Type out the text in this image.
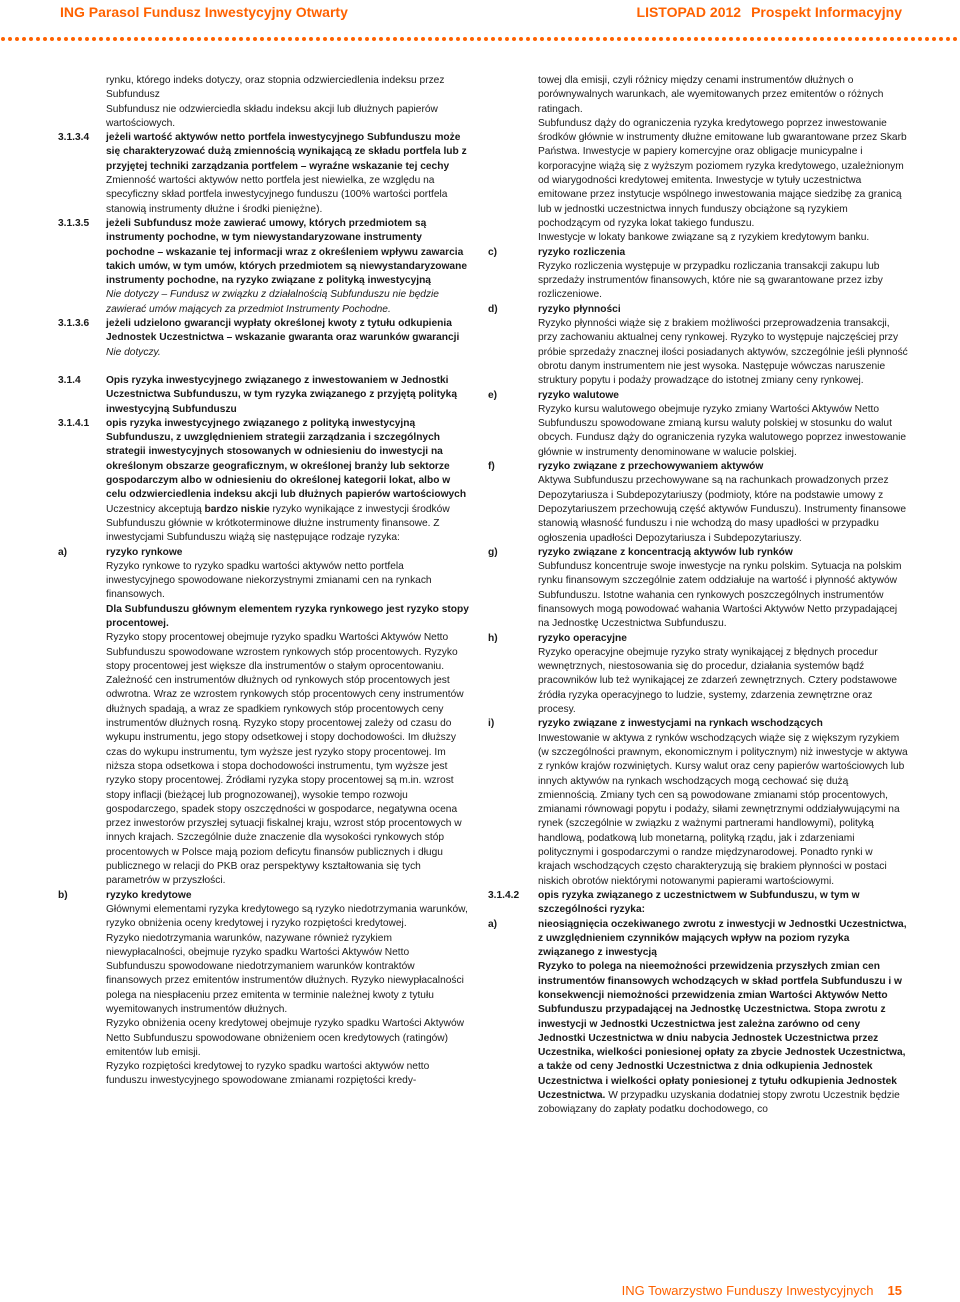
ING Parasol Fundusz Inwestycyjny Otwarty	LISTOPAD 2012 Prospekt Informacyjny

rynku, którego indeks dotyczy, oraz stopnia odzwierciedlenia indeksu przez Subfundusz

Subfundusz nie odzwierciedla składu indeksu akcji lub dłużnych papierów wartościowych.

3.1.3.4	jeżeli wartość aktywów netto portfela inwestycyjnego Subfunduszu może się charakteryzować dużą zmiennością wynikającą ze składu portfela lub z przyjętej techniki zarządzania portfelem – wyraźne wskazanie tej cechy

Zmienność wartości aktywów netto portfela jest niewielka, ze względu na specyficzny skład portfela inwestycyjnego funduszu (100% wartości portfela stanowią instrumenty dłużne i środki pieniężne).

3.1.3.5	jeżeli Subfundusz może zawierać umowy, których przedmiotem są instrumenty pochodne, w tym niewystandaryzowane instrumenty pochodne – wskazanie tej informacji wraz z określeniem wpływu zawarcia takich umów, w tym umów, których przedmiotem są niewystandaryzowane instrumenty pochodne, na ryzyko związane z polityką inwestycyjną

Nie dotyczy – Fundusz w związku z działalnością Subfunduszu nie będzie zawierać umów mających za przedmiot Instrumenty Pochodne.

3.1.3.6	jeżeli udzielono gwarancji wypłaty określonej kwoty z tytułu odkupienia Jednostek Uczestnictwa – wskazanie gwaranta oraz warunków gwarancji

Nie dotyczy.

3.1.4	Opis ryzyka inwestycyjnego związanego z inwestowaniem w Jednostki Uczestnictwa Subfunduszu, w tym ryzyka związanego z przyjętą polityką inwestycyjną Subfunduszu

3.1.4.1	opis ryzyka inwestycyjnego związanego z polityką inwestycyjną Subfunduszu, z uwzględnieniem strategii zarządzania i szczególnych strategii inwestycyjnych stosowanych w odniesieniu do inwestycji na określonym obszarze geograficznym, w określonej branży lub sektorze gospodarczym albo w odniesieniu do określonej kategorii lokat, albo w celu odzwierciedlenia indeksu akcji lub dłużnych papierów wartościowych

Uczestnicy akceptują bardzo niskie ryzyko wynikające z inwestycji środków Subfunduszu głównie w krótkoterminowe dłużne instrumenty finansowe. Z inwestycjami Subfunduszu wiążą się następujące rodzaje ryzyka:

a)	ryzyko rynkowe

Ryzyko rynkowe to ryzyko spadku wartości aktywów netto portfela inwestycyjnego spowodowane niekorzystnymi zmianami cen na rynkach finansowych.

Dla Subfunduszu głównym elementem ryzyka rynkowego jest ryzyko stopy procentowej.

Ryzyko stopy procentowej obejmuje ryzyko spadku Wartości Aktywów Netto Subfunduszu spowodowane wzrostem rynkowych stóp procentowych. Ryzyko stopy procentowej jest większe dla instrumentów o stałym oprocentowaniu. Zależność cen instrumentów dłużnych od rynkowych stóp procentowych jest odwrotna. Wraz ze wzrostem rynkowych stóp procentowych ceny instrumentów dłużnych spadają, a wraz ze spadkiem rynkowych stóp procentowych ceny instrumentów dłużnych rosną. Ryzyko stopy procentowej zależy od czasu do wykupu instrumentu, jego stopy odsetkowej i stopy dochodowości. Im dłuższy czas do wykupu instrumentu, tym wyższe jest ryzyko stopy procentowej. Im niższa stopa odsetkowa i stopa dochodowości instrumentu, tym wyższe jest ryzyko stopy procentowej. Źródłami ryzyka stopy procentowej są m.in. wzrost stopy inflacji (bieżącej lub prognozowanej), wysokie tempo rozwoju gospodarczego, spadek stopy oszczędności w gospodarce, negatywna ocena przez inwestorów przyszłej sytuacji fiskalnej kraju, wzrost stóp procentowych w innych krajach. Szczególnie duże znaczenie dla wysokości rynkowych stóp procentowych w Polsce mają poziom deficytu finansów publicznych i długu publicznego w relacji do PKB oraz perspektywy kształtowania się tych parametrów w przyszłości.

b)	ryzyko kredytowe

Głównymi elementami ryzyka kredytowego są ryzyko niedotrzymania warunków, ryzyko obniżenia oceny kredytowej i ryzyko rozpiętości kredytowej.

Ryzyko niedotrzymania warunków, nazywane również ryzykiem niewypłacalności, obejmuje ryzyko spadku Wartości Aktywów Netto Subfunduszu spowodowane niedotrzymaniem warunków kontraktów finansowych przez emitentów instrumentów dłużnych. Ryzyko niewypłacalności polega na niespłaceniu przez emitenta w terminie należnej kwoty z tytułu wyemitowanych instrumentów dłużnych.

Ryzyko obniżenia oceny kredytowej obejmuje ryzyko spadku Wartości Aktywów Netto Subfunduszu spowodowane obniżeniem ocen kredytowych (ratingów) emitentów lub emisji.

Ryzyko rozpiętości kredytowej to ryzyko spadku wartości aktywów netto funduszu inwestycyjnego spowodowane zmianami rozpiętości kredy-

towej dla emisji, czyli różnicy między cenami instrumentów dłużnych o porównywalnych warunkach, ale wyemitowanych przez emitentów o różnych ratingach.

Subfundusz dąży do ograniczenia ryzyka kredytowego poprzez inwestowanie środków głównie w instrumenty dłużne emitowane lub gwarantowane przez Skarb Państwa. Inwestycje w papiery komercyjne oraz obligacje municypalne i korporacyjne wiążą się z wyższym poziomem ryzyka kredytowego, uzależnionym od wiarygodności kredytowej emitenta. Inwestycje w tytuły uczestnictwa emitowane przez instytucje wspólnego inwestowania mające siedzibę za granicą lub w jednostki uczestnictwa innych funduszy obciążone są ryzykiem pochodzącym od ryzyka lokat takiego funduszu.

Inwestycje w lokaty bankowe związane są z ryzykiem kredytowym banku.

c)	ryzyko rozliczenia

Ryzyko rozliczenia występuje w przypadku rozliczania transakcji zakupu lub sprzedaży instrumentów finansowych, które nie są gwarantowane przez izby rozliczeniowe.

d)	ryzyko płynności

Ryzyko płynności wiąże się z brakiem możliwości przeprowadzenia transakcji, przy zachowaniu aktualnej ceny rynkowej. Ryzyko to występuje najczęściej przy próbie sprzedaży znacznej ilości posiadanych aktywów, szczególnie jeśli płynność obrotu danym instrumentem nie jest wysoka. Następuje wówczas naruszenie struktury popytu i podaży prowadzące do istotnej zmiany ceny rynkowej.

e)	ryzyko walutowe

Ryzyko kursu walutowego obejmuje ryzyko zmiany Wartości Aktywów Netto Subfunduszu spowodowane zmianą kursu waluty polskiej w stosunku do walut obcych. Fundusz dąży do ograniczenia ryzyka walutowego poprzez inwestowanie głównie w instrumenty denominowane w walucie polskiej.

f)	ryzyko związane z przechowywaniem aktywów

Aktywa Subfunduszu przechowywane są na rachunkach prowadzonych przez Depozytariusza i Subdepozytariuszy (podmioty, które na podstawie umowy z Depozytariuszem przechowują część aktywów Funduszu). Instrumenty finansowe stanowią własność funduszu i nie wchodzą do masy upadłości w przypadku ogłoszenia upadłości Depozytariusza i Subdepozytariuszy.

g)	ryzyko związane z koncentracją aktywów lub rynków

Subfundusz koncentruje swoje inwestycje na rynku polskim. Sytuacja na polskim rynku finansowym szczególnie zatem oddziałuje na wartość i płynność aktywów Subfunduszu. Istotne wahania cen rynkowych poszczególnych instrumentów finansowych mogą powodować wahania Wartości Aktywów Netto przypadającej na Jednostkę Uczestnictwa Subfunduszu.

h)	ryzyko operacyjne

Ryzyko operacyjne obejmuje ryzyko straty wynikającej z błędnych procedur wewnętrznych, niestosowania się do procedur, działania systemów bądź pracowników lub też wynikającej ze zdarzeń zewnętrznych. Cztery podstawowe źródła ryzyka operacyjnego to ludzie, systemy, zdarzenia zewnętrzne oraz procesy.

i)	ryzyko związane z inwestycjami na rynkach wschodzących

Inwestowanie w aktywa z rynków wschodzących wiąże się z większym ryzykiem (w szczególności prawnym, ekonomicznym i politycznym) niż inwestycje w aktywa z rynków krajów rozwiniętych. Kursy walut oraz ceny papierów wartościowych lub innych aktywów na rynkach wschodzących mogą cechować się dużą zmiennością. Zmiany tych cen są powodowane zmianami stóp procentowych, zmianami równowagi popytu i podaży, siłami zewnętrznymi oddziaływującymi na rynek (szczególnie w związku z ważnymi partnerami handlowymi), polityką handlową, podatkową lub monetarną, polityką rządu, jak i zdarzeniami politycznymi i gospodarczymi o randze międzynarodowej. Ponadto rynki w krajach wschodzących często charakteryzują się brakiem płynności w postaci niskich obrotów niektórymi notowanymi papierami wartościowymi.

3.1.4.2	opis ryzyka związanego z uczestnictwem w Subfunduszu, w tym w szczególności ryzyka:

a)	nieosiągnięcia oczekiwanego zwrotu z inwestycji w Jednostki Uczestnictwa, z uwzględnieniem czynników mających wpływ na poziom ryzyka związanego z inwestycją

Ryzyko to polega na nieemożności przewidzenia przyszłych zmian cen instrumentów finansowych wchodzących w skład portfela Subfunduszu i w konsekwencji niemożności przewidzenia zmian Wartości Aktywów Netto Subfunduszu przypadającej na Jednostkę Uczestnictwa. Stopa zwrotu z inwestycji w Jednostki Uczestnictwa jest zależna zarówno od ceny Jednostki Uczestnictwa w dniu nabycia Jednostek Uczestnictwa przez Uczestnika, wielkości poniesionej opłaty za zbycie Jednostek Uczestnictwa, a także od ceny Jednostki Uczestnictwa z dnia odkupienia Jednostek Uczestnictwa i wielkości opłaty poniesionej z tytułu odkupienia Jednostek Uczestnictwa. W przypadku uzyskania dodatniej stopy zwrotu Uczestnik będzie zobowiązany do zapłaty podatku dochodowego, co

ING Towarzystwo Funduszy Inwestycyjnych 15
